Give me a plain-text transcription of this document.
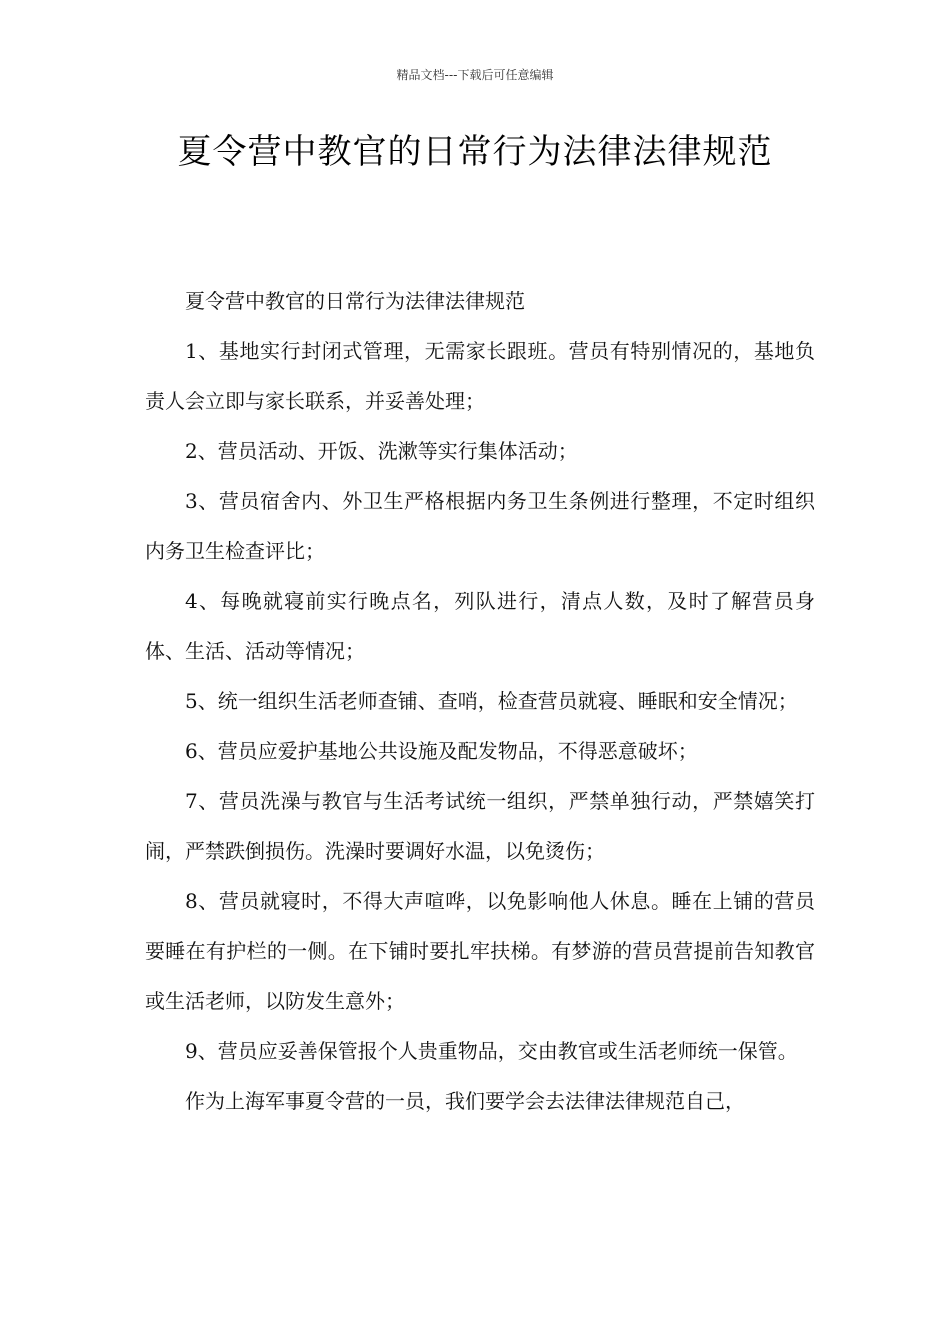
精品文档---下载后可任意编辑
夏令营中教官的日常行为法律法律规范

夏令营中教官的日常行为法律法律规范

1、基地实行封闭式管理，无需家长跟班。营员有特别情况的，基地负责人会立即与家长联系，并妥善处理；

2、营员活动、开饭、洗漱等实行集体活动；

3、营员宿舍内、外卫生严格根据内务卫生条例进行整理，不定时组织内务卫生检查评比；

4、每晚就寝前实行晚点名，列队进行，清点人数，及时了解营员身体、生活、活动等情况；

5、统一组织生活老师查铺、查哨，检查营员就寝、睡眠和安全情况；

6、营员应爱护基地公共设施及配发物品，不得恶意破坏；

7、营员洗澡与教官与生活考试统一组织，严禁单独行动，严禁嬉笑打闹，严禁跌倒损伤。洗澡时要调好水温，以免烫伤；

8、营员就寝时，不得大声喧哗，以免影响他人休息。睡在上铺的营员要睡在有护栏的一侧。在下铺时要扎牢扶梯。有梦游的营员营提前告知教官或生活老师，以防发生意外；

9、营员应妥善保管报个人贵重物品，交由教官或生活老师统一保管。

作为上海军事夏令营的一员，我们要学会去法律法律规范自己，
